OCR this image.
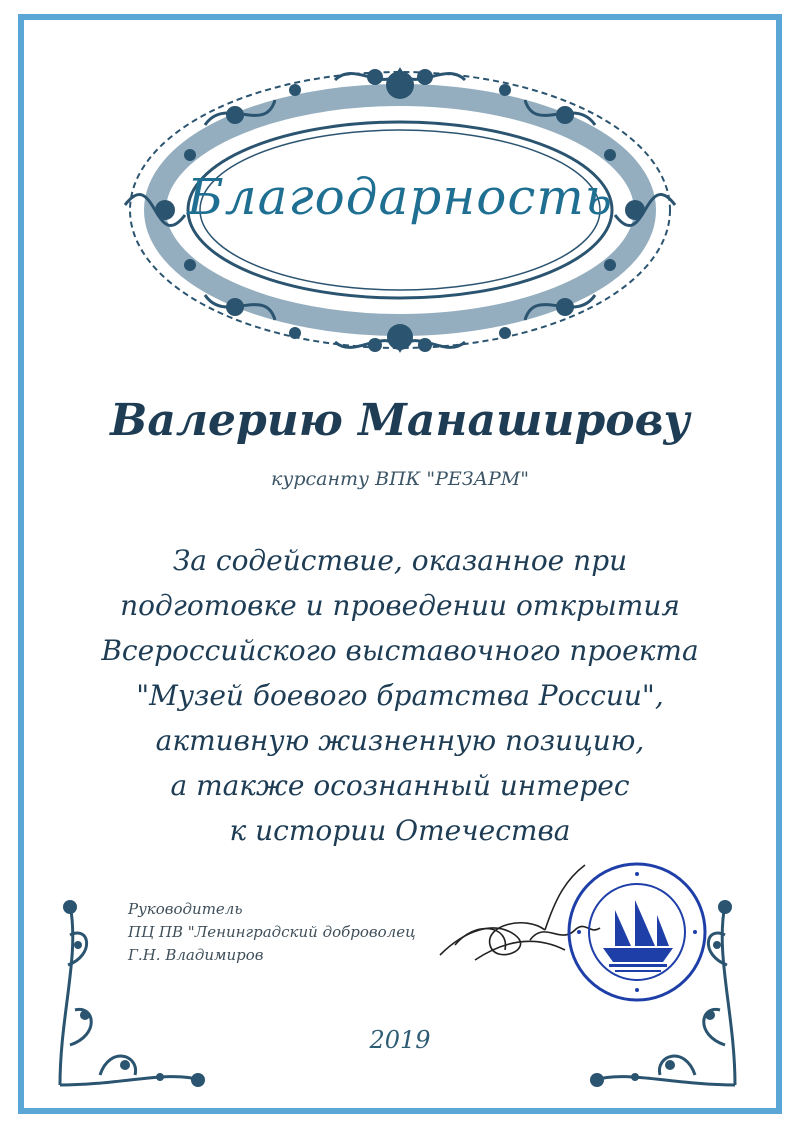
Благодарность
Валерию Манаширову
курсанту ВПК "РЕЗАРМ"
За содействие, оказанное при
подготовке и проведении открытия
Всероссийского выставочного проекта
"Музей боевого братства России",
активную жизненную позицию,
а также осознанный интерес
к истории Отечества
Руководитель
ПЦ ПВ "Ленинградский доброволец
Г.Н. Владимиров
2019
